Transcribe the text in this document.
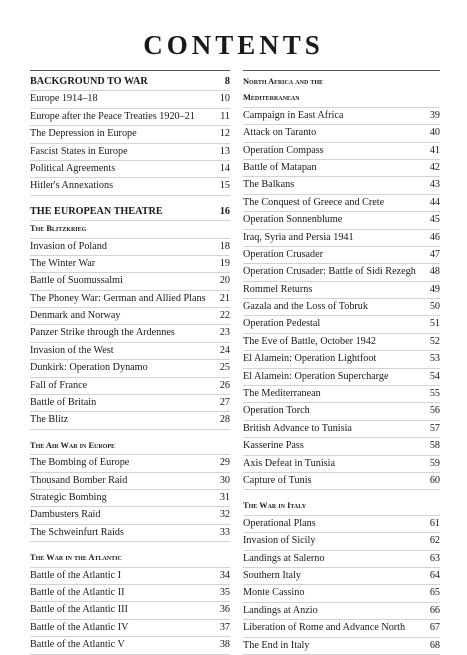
CONTENTS
BACKGROUND TO WAR	8
Europe 1914–18	10
Europe after the Peace Treaties 1920–21 11
The Depression in Europe	12
Fascist States in Europe	13
Political Agreements	14
Hitler's Annexations	15
THE EUROPEAN THEATRE	16
The Blitzkrieg
Invasion of Poland	18
The Winter War	19
Battle of Suomussalmi	20
The Phoney War: German and Allied Plans 21
Denmark and Norway	22
Panzer Strike through the Ardennes	23
Invasion of the West	24
Dunkirk: Operation Dynamo	25
Fall of France	26
Battle of Britain	27
The Blitz	28
The Air War in Europe
The Bombing of Europe	29
Thousand Bomber Raid	30
Strategic Bombing	31
Dambusters Raid	32
The Schweinfurt Raids	33
The War in the Atlantic
Battle of the Atlantic I	34
Battle of the Atlantic II	35
Battle of the Atlantic III	36
Battle of the Atlantic IV	37
Battle of the Atlantic V	38
North Africa and the
Mediterranean
Campaign in East Africa	39
Attack on Taranto	40
Operation Compass	41
Battle of Matapan	42
The Balkans	43
The Conquest of Greece and Crete	44
Operation Sonnenblume	45
Iraq, Syria and Persia 1941	46
Operation Crusader	47
Operation Crusader: Battle of Sidi Rezegh 48
Rommel Returns	49
Gazala and the Loss of Tobruk	50
Operation Pedestal	51
The Eve of Battle, October 1942	52
El Alamein: Operation Lightfoot	53
El Alamein: Operation Supercharge	54
The Mediterranean	55
Operation Torch	56
British Advance to Tunisia	57
Kasserine Pass	58
Axis Defeat in Tunisia	59
Capture of Tunis	60
The War in Italy
Operational Plans	61
Invasion of Sicily	62
Landings at Salerno	63
Southern Italy	64
Monte Cassino	65
Landings at Anzio	66
Liberation of Rome and Advance North 67
The End in Italy	68
